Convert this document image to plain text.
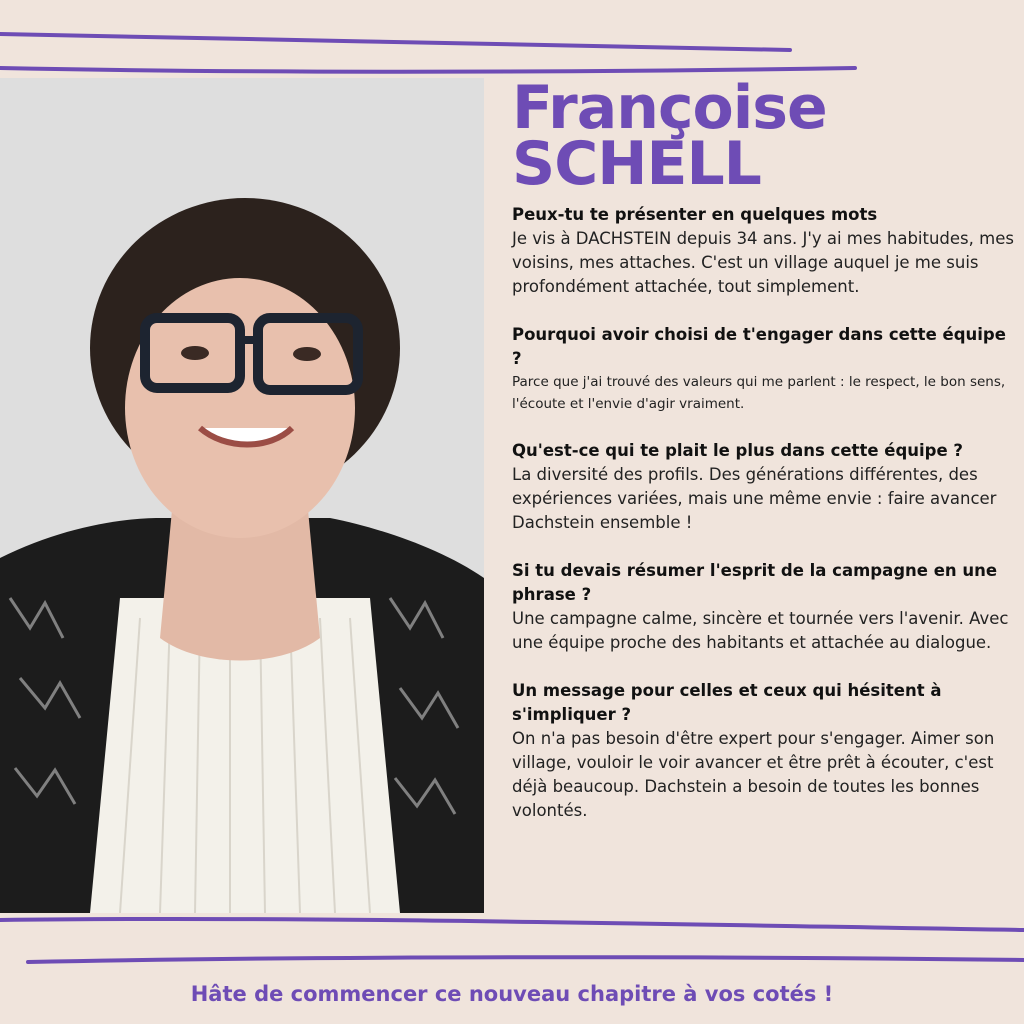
Françoise
SCHELL

Peux-tu te présenter en quelques mots

Je vis à DACHSTEIN depuis 34 ans. J'y ai mes habitudes, mes voisins, mes attaches. C'est un village auquel je me suis profondément attachée, tout simplement.

Pourquoi avoir choisi de t'engager dans cette équipe ?

Parce que j'ai trouvé des valeurs qui me parlent : le respect, le bon sens, l'écoute et l'envie d'agir vraiment.

Qu'est-ce qui te plait le plus dans cette équipe ?

La diversité des profils. Des générations différentes, des expériences variées, mais une même envie : faire avancer Dachstein ensemble !

Si tu devais résumer l'esprit de la campagne en une phrase ?

Une campagne calme, sincère et tournée vers l'avenir. Avec une équipe proche des habitants et attachée au dialogue.

Un message pour celles et ceux qui hésitent à s'impliquer ?

On n'a pas besoin d'être expert pour s'engager. Aimer son village, vouloir le voir avancer et être prêt à écouter, c'est déjà beaucoup. Dachstein a besoin de toutes les bonnes volontés.

Hâte de commencer ce nouveau chapitre à vos cotés !
